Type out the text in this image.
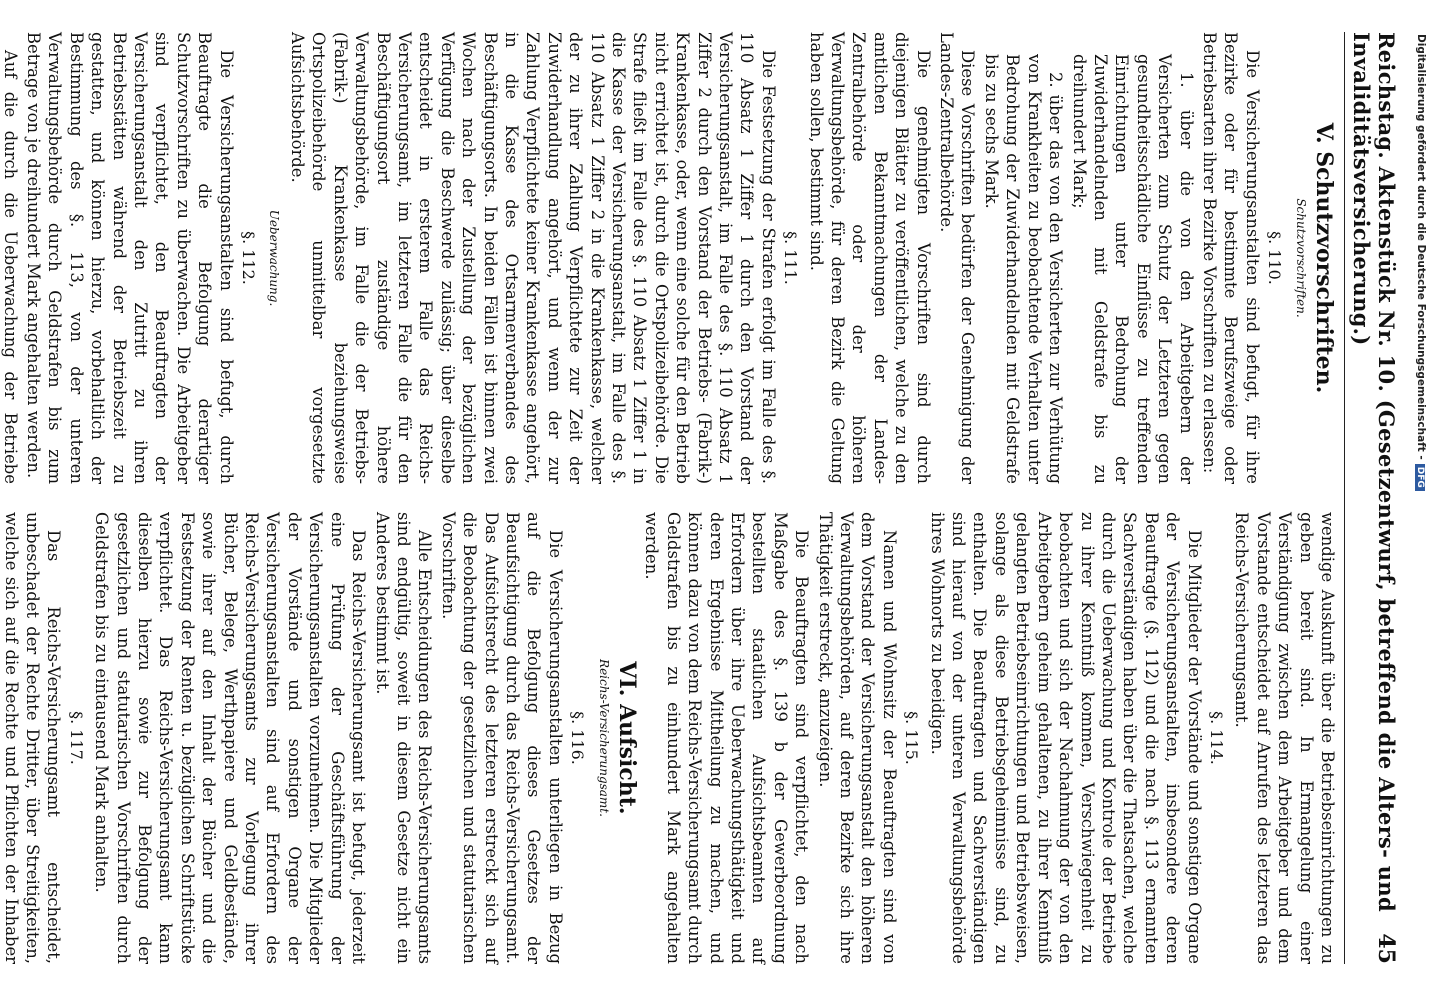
Reichstag. Aktenstück Nr. 10. (Gesetzentwurf, betreffend die Alters- und Invaliditätsversicherung.)
45
V. Schutzvorschriften.
Schutzvorschriften.
§. 110.

Die Versicherungsanstalten sind befugt, für ihre Bezirke oder für bestimmte Berufszweige oder Betriebsarten ihrer Bezirke Vorschriften zu erlassen:

1. über die von den Arbeitgebern der Versicherten zum Schutz der Letzteren gegen gesundheitsschädliche Einflüsse zu treffenden Einrichtungen unter Bedrohung der Zuwiderhandelnden mit Geldstrafe bis zu dreihundert Mark;

2. über das von den Versicherten zur Verhütung von Krankheiten zu beobachtende Verhalten unter Bedrohung der Zuwiderhandelnden mit Geldstrafe bis zu sechs Mark.

Diese Vorschriften bedürfen der Genehmigung der Landes-Zentralbehörde.

Die genehmigten Vorschriften sind durch diejenigen Blätter zu veröffentlichen, welche zu den amtlichen Bekanntmachungen der Landes-Zentralbehörde oder der höheren Verwaltungsbehörde, für deren Bezirk die Geltung haben sollen, bestimmt sind.

§. 111.

Die Festsetzung der Strafen erfolgt im Falle des §. 110 Absatz 1 Ziffer 1 durch den Vorstand der Versicherungsanstalt, im Falle des §. 110 Absatz 1 Ziffer 2 durch den Vorstand der Betriebs- (Fabrik-) Krankenkasse, oder, wenn eine solche für den Betrieb nicht errichtet ist, durch die Ortspolizeibehörde. Die Strafe fließt im Falle des §. 110 Absatz 1 Ziffer 1 in die Kasse der Versicherungsanstalt, im Falle des §. 110 Absatz 1 Ziffer 2 in die Krankenkasse, welcher der zu ihrer Zahlung Verpflichtete zur Zeit der Zuwiderhandlung angehört, und wenn der zur Zahlung Verpflichtete keiner Krankenkasse angehört, in die Kasse des Ortsarmenverbandes des Beschäftigungsorts. In beiden Fällen ist binnen zwei Wochen nach der Zustellung der bezüglichen Verfügung die Beschwerde zulässig; über dieselbe entscheidet in ersterem Falle das Reichs-Versicherungsamt, im letzteren Falle die für den Beschäftigungsort zuständige höhere Verwaltungsbehörde, im Falle die der Betriebs- (Fabrik-) Krankenkasse beziehungsweise Ortspolizeibehörde unmittelbar vorgesetzte Aufsichtsbehörde.

Ueberwachung.
§. 112.

Die Versicherungsanstalten sind befugt, durch Beauftragte die Befolgung derartiger Schutzvorschriften zu überwachen. Die Arbeitgeber sind verpflichtet, den Beauftragten der Versicherungsanstalt den Zutritt zu ihren Betriebsstätten während der Betriebszeit zu gestatten, und können hierzu, vorbehaltlich der Bestimmung des §. 113, von der unteren Verwaltungsbehörde durch Geldstrafen bis zum Betrage von je dreihundert Mark angehalten werden.

Auf die durch die Ueberwachung der Betriebe

wendige Auskunft über die Betriebseinrichtungen zu geben bereit sind. In Ermangelung einer Verständigung zwischen dem Arbeitgeber und dem Vorstande entscheidet auf Anrufen des letzteren das Reichs-Versicherungsamt.

§. 114.

Die Mitglieder der Vorstände und sonstigen Organe der Versicherungsanstalten, insbesondere deren Beauftragte (§. 112) und die nach §. 113 ernannten Sachverständigen haben über die Thatsachen, welche durch die Ueberwachung und Kontrole der Betriebe zu ihrer Kenntniß kommen, Verschwiegenheit zu beobachten und sich der Nachahmung der von den Arbeitgebern geheim gehaltenen, zu ihrer Kenntniß gelangten Betriebseinrichtungen und Betriebsweisen, solange als diese Betriebsgeheimnisse sind, zu enthalten. Die Beauftragten und Sachverständigen sind hierauf von der unteren Verwaltungsbehörde ihres Wohnorts zu beeidigen.

§. 115.

Namen und Wohnsitz der Beauftragten sind von dem Vorstand der Versicherungsanstalt den höheren Verwaltungsbehörden, auf deren Bezirke sich ihre Thätigkeit erstreckt, anzuzeigen.

Die Beauftragten sind verpflichtet, den nach Maßgabe des §. 139 b der Gewerbeordnung bestellten staatlichen Aufsichtsbeamten auf Erfordern über ihre Ueberwachungsthätigkeit und deren Ergebnisse Mittheilung zu machen, und können dazu von dem Reichs-Versicherungsamt durch Geldstrafen bis zu einhundert Mark angehalten werden.

VI. Aufsicht.
Reichs-Versicherungsamt.
§. 116.

Die Versicherungsanstalten unterliegen in Bezug auf die Befolgung dieses Gesetzes der Beaufsichtigung durch das Reichs-Versicherungsamt. Das Aufsichtsrecht des letzteren erstreckt sich auf die Beobachtung der gesetzlichen und statutarischen Vorschriften.

Alle Entscheidungen des Reichs-Versicherungsamts sind endgültig, soweit in diesem Gesetze nicht ein Anderes bestimmt ist.

Das Reichs-Versicherungsamt ist befugt, jederzeit eine Prüfung der Geschäftsführung der Versicherungsanstalten vorzunehmen. Die Mitglieder der Vorstände und sonstigen Organe der Versicherungsanstalten sind auf Erfordern des Reichs-Versicherungsamts zur Vorlegung ihrer Bücher, Belege, Werthpapiere und Geldbestände, sowie ihrer auf den Inhalt der Bücher und die Festsetzung der Renten u. bezüglichen Schriftstücke verpflichtet. Das Reichs-Versicherungsamt kann dieselben hierzu sowie zur Befolgung der gesetzlichen und statutarischen Vorschriften durch Geldstrafen bis zu eintausend Mark anhalten.

§. 117.

Das Reichs-Versicherungsamt entscheidet, unbeschadet der Rechte Dritter, über Streitigkeiten, welche sich auf die Rechte und Pflichten der Inhaber

Digitalisierung gefördert durch die Deutsche Forschungsgemeinschaft -DFG
